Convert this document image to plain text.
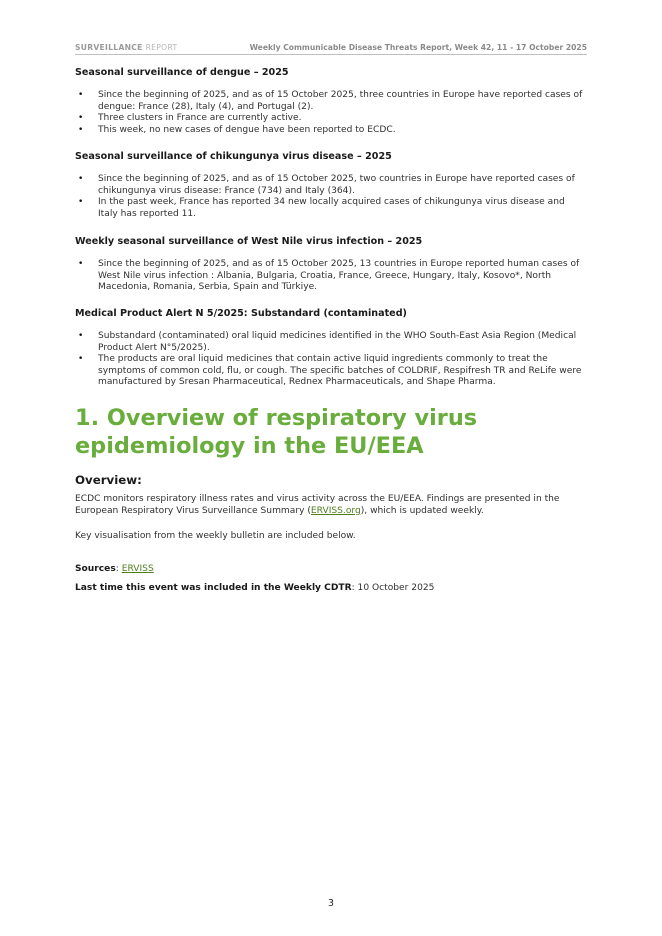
SURVEILLANCE REPORT	Weekly Communicable Disease Threats Report, Week 42, 11 - 17 October 2025
Seasonal surveillance of dengue – 2025
• Since the beginning of 2025, and as of 15 October 2025, three countries in Europe have reported cases of dengue: France (28), Italy (4), and Portugal (2).
• Three clusters in France are currently active.
• This week, no new cases of dengue have been reported to ECDC.
Seasonal surveillance of chikungunya virus disease – 2025
• Since the beginning of 2025, and as of 15 October 2025, two countries in Europe have reported cases of chikungunya virus disease: France (734) and Italy (364).
• In the past week, France has reported 34 new locally acquired cases of chikungunya virus disease and Italy has reported 11.
Weekly seasonal surveillance of West Nile virus infection – 2025
• Since the beginning of 2025, and as of 15 October 2025, 13 countries in Europe reported human cases of West Nile virus infection : Albania, Bulgaria, Croatia, France, Greece, Hungary, Italy, Kosovo*, North Macedonia, Romania, Serbia, Spain and Türkiye.
Medical Product Alert N 5/2025: Substandard (contaminated)
• Substandard (contaminated) oral liquid medicines identified in the WHO South-East Asia Region (Medical Product Alert N°5/2025).
• The products are oral liquid medicines that contain active liquid ingredients commonly to treat the symptoms of common cold, flu, or cough. The specific batches of COLDRIF, Respifresh TR and ReLife were manufactured by Sresan Pharmaceutical, Rednex Pharmaceuticals, and Shape Pharma.
1. Overview of respiratory virus epidemiology in the EU/EEA
Overview:

ECDC monitors respiratory illness rates and virus activity across the EU/EEA. Findings are presented in the European Respiratory Virus Surveillance Summary (ERVISS.org), which is updated weekly.

Key visualisation from the weekly bulletin are included below.

Sources: ERVISS

Last time this event was included in the Weekly CDTR: 10 October 2025

3
